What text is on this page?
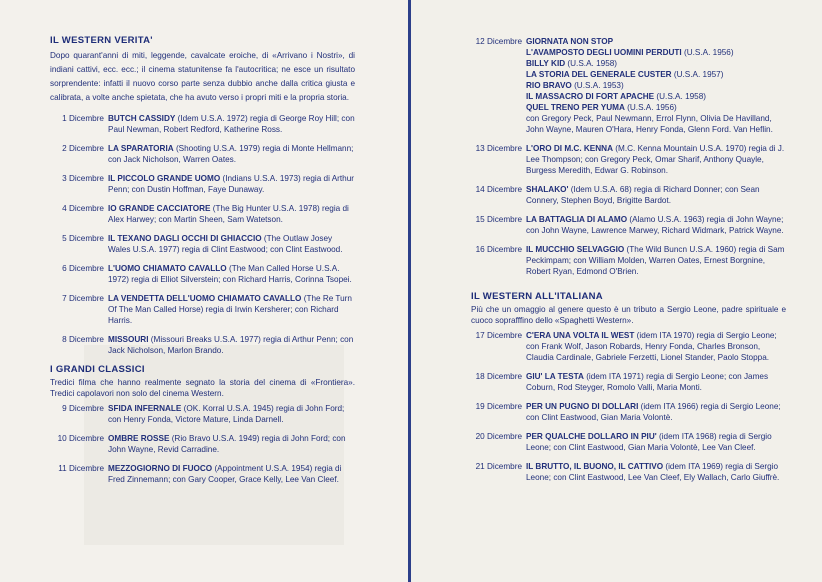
IL WESTERN VERITA'

Dopo quarant'anni di miti, leggende, cavalcate eroiche, di «Arrivano i Nostri», di indiani cattivi, ecc. ecc.; il cinema statunitense fa l'autocritica; ne esce un risultato sorprendente: infatti il nuovo corso parte senza dubbio anche dalla critica giusta e calibrata, a volte anche spietata, che ha avuto verso i propri miti e la propria storia.

1 Dicembre BUTCH CASSIDY (Idem U.S.A. 1972) regia di George Roy Hill; con Paul Newman, Robert Redford, Katherine Ross.
2 Dicembre LA SPARATORIA (Shooting U.S.A. 1979) regia di Monte Hellmann; con Jack Nicholson, Warren Oates.
3 Dicembre IL PICCOLO GRANDE UOMO (Indians U.S.A. 1973) regia di Arthur Penn; con Dustin Hoffman, Faye Dunaway.
4 Dicembre IO GRANDE CACCIATORE (The Big Hunter U.S.A. 1978) regia di Alex Harwey; con Martin Sheen, Sam Watetson.
5 Dicembre IL TEXANO DAGLI OCCHI DI GHIACCIO (The Outlaw Josey Wales U.S.A. 1977) regia di Clint Eastwood; con Clint Eastwood.
6 Dicembre L'UOMO CHIAMATO CAVALLO (The Man Called Horse U.S.A. 1972) regia di Elliot Silverstein; con Richard Harris, Corinna Tsopei.
7 Dicembre LA VENDETTA DELL'UOMO CHIAMATO CAVALLO (The Re Turn Of The Man Called Horse) regia di Irwin Kersherer; con Richard Harris.
8 Dicembre MISSOURI (Missouri Breaks U.S.A. 1977) regia di Arthur Penn; con Jack Nicholson, Marlon Brando.
I GRANDI CLASSICI

Tredici filma che hanno realmente segnato la storia del cinema di «Frontiera». Tredici capolavori non solo del cinema Western.

9 Dicembre SFIDA INFERNALE (OK. Korral U.S.A. 1945) regia di John Ford; con Henry Fonda, Victore Mature, Linda Darnell.
10 Dicembre OMBRE ROSSE (Rio Bravo U.S.A. 1949) regia di John Ford; con John Wayne, Revid Carradine.
11 Dicembre MEZZOGIORNO DI FUOCO (Appointment U.S.A. 1954) regia di Fred Zinnemann; con Gary Cooper, Grace Kelly, Lee Van Cleef.
12 Dicembre GIORNATA NON STOP
L'AVAMPOSTO DEGLI UOMINI PERDUTI (U.S.A. 1956)
BILLY KID (U.S.A. 1958)
LA STORIA DEL GENERALE CUSTER (U.S.A. 1957)
RIO BRAVO (U.S.A. 1953)
IL MASSACRO DI FORT APACHE (U.S.A. 1958)
QUEL TRENO PER YUMA (U.S.A. 1956)
con Gregory Peck, Paul Newmann, Errol Flynn, Olivia De Havilland, John Wayne, Mauren O'Hara, Henry Fonda, Glenn Ford. Van Heflin.
13 Dicembre L'ORO DI M.C. KENNA (M.C. Kenna Mountain U.S.A. 1970) regia di J. Lee Thompson; con Gregory Peck, Omar Sharif, Anthony Quayle, Burgess Meredith, Edwar G. Robinson.
14 Dicembre SHALAKO' (Idem U.S.A. 68) regia di Richard Donner; con Sean Connery, Stephen Boyd, Brigitte Bardot.
15 Dicembre LA BATTAGLIA DI ALAMO (Alamo U.S.A. 1963) regia di John Wayne; con John Wayne, Lawrence Marwey, Richard Widmark, Patrick Wayne.
16 Dicembre IL MUCCHIO SELVAGGIO (The Wild Buncn U.S.A. 1960) regia di Sam Peckimpam; con William Molden, Warren Oates, Ernest Borgnine, Robert Ryan, Edmond O'Brien.
IL WESTERN ALL'ITALIANA

Più che un omaggio al genere questo è un tributo a Sergio Leone, padre spirituale e cuoco soprafffino dello «Spaghetti Western».

17 Dicembre C'ERA UNA VOLTA IL WEST (idem ITA 1970) regia di Sergio Leone; con Frank Wolf, Jason Robards, Henry Fonda, Charles Bronson, Claudia Cardinale, Gabriele Ferzetti, Lionel Stander, Paolo Stoppa.
18 Dicembre GIU' LA TESTA (idem ITA 1971) regia di Sergio Leone; con James Coburn, Rod Steyger, Romolo Valli, Maria Monti.
19 Dicembre PER UN PUGNO DI DOLLARI (idem ITA 1966) regia di Sergio Leone; con Clint Eastwood, Gian Maria Volontè.
20 Dicembre PER QUALCHE DOLLARO IN PIU' (idem ITA 1968) regia di Sergio Leone; con Clint Eastwood, Gian Maria Volontè, Lee Van Cleef.
21 Dicembre IL BRUTTO, IL BUONO, IL CATTIVO (idem ITA 1969) regia di Sergio Leone; con Clint Eastwood, Lee Van Cleef, Ely Wallach, Carlo Giuffrè.
